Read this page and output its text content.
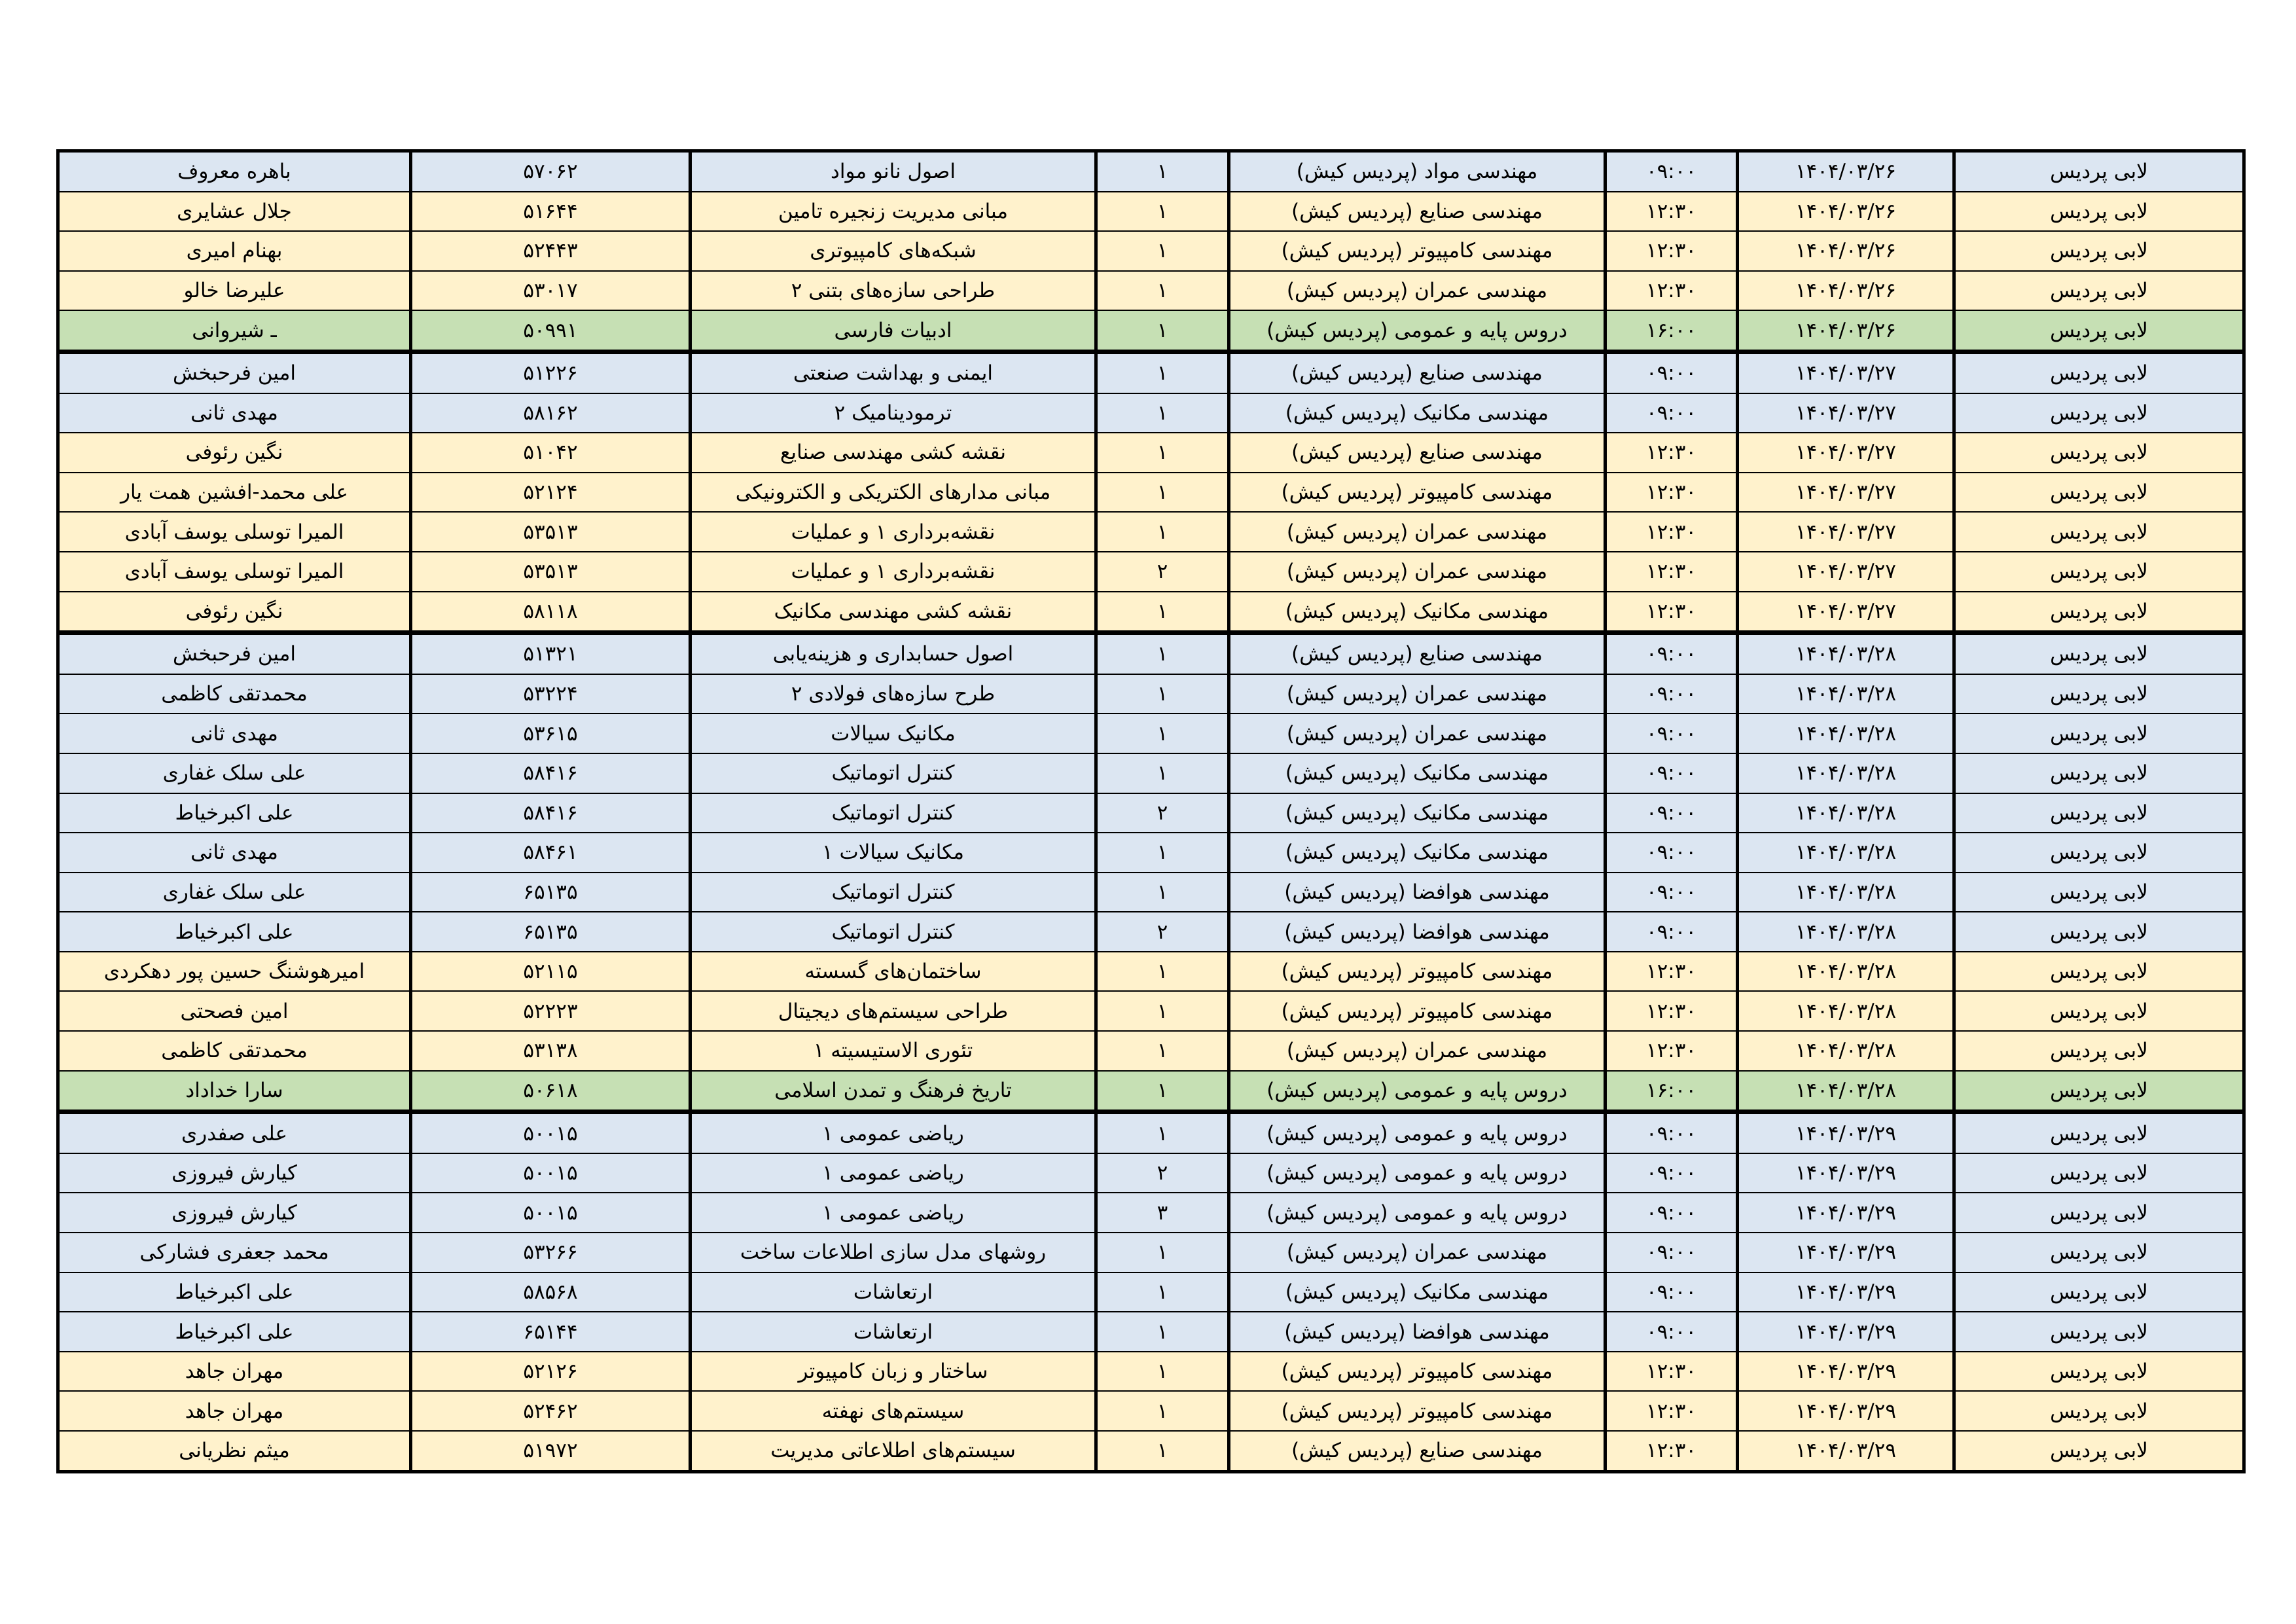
لابی پردیس	۱۴۰۴/۰۳/۲۶	۰۹:۰۰	مهندسی مواد (پردیس کیش)	۱	اصول نانو مواد	۵۷۰۶۲	باهره معروف
لابی پردیس	۱۴۰۴/۰۳/۲۶	۱۲:۳۰	مهندسی صنایع (پردیس کیش)	۱	مبانی مدیریت زنجیره تامین	۵۱۶۴۴	جلال عشایری
لابی پردیس	۱۴۰۴/۰۳/۲۶	۱۲:۳۰	مهندسی کامپیوتر (پردیس کیش)	۱	شبکه‌های کامپیوتری	۵۲۴۴۳	بهنام امیری
لابی پردیس	۱۴۰۴/۰۳/۲۶	۱۲:۳۰	مهندسی عمران (پردیس کیش)	۱	طراحی سازه‌های بتنی ۲	۵۳۰۱۷	علیرضا خالو
لابی پردیس	۱۴۰۴/۰۳/۲۶	۱۶:۰۰	دروس پایه و عمومی (پردیس کیش)	۱	ادبیات فارسی	۵۰۹۹۱	ـ شیروانی
لابی پردیس	۱۴۰۴/۰۳/۲۷	۰۹:۰۰	مهندسی صنایع (پردیس کیش)	۱	ایمنی و بهداشت صنعتی	۵۱۲۲۶	امین فرحبخش
لابی پردیس	۱۴۰۴/۰۳/۲۷	۰۹:۰۰	مهندسی مکانیک (پردیس کیش)	۱	ترمودینامیک ۲	۵۸۱۶۲	مهدی ثانی
لابی پردیس	۱۴۰۴/۰۳/۲۷	۱۲:۳۰	مهندسی صنایع (پردیس کیش)	۱	نقشه کشی مهندسی صنایع	۵۱۰۴۲	نگین رئوفی
لابی پردیس	۱۴۰۴/۰۳/۲۷	۱۲:۳۰	مهندسی کامپیوتر (پردیس کیش)	۱	مبانی مدارهای الکتریکی و الکترونیکی	۵۲۱۲۴	علی محمد-افشین همت یار
لابی پردیس	۱۴۰۴/۰۳/۲۷	۱۲:۳۰	مهندسی عمران (پردیس کیش)	۱	نقشه‌برداری ۱ و عملیات	۵۳۵۱۳	المیرا توسلی یوسف آبادی
لابی پردیس	۱۴۰۴/۰۳/۲۷	۱۲:۳۰	مهندسی عمران (پردیس کیش)	۲	نقشه‌برداری ۱ و عملیات	۵۳۵۱۳	المیرا توسلی یوسف آبادی
لابی پردیس	۱۴۰۴/۰۳/۲۷	۱۲:۳۰	مهندسی مکانیک (پردیس کیش)	۱	نقشه کشی مهندسی مکانیک	۵۸۱۱۸	نگین رئوفی
لابی پردیس	۱۴۰۴/۰۳/۲۸	۰۹:۰۰	مهندسی صنایع (پردیس کیش)	۱	اصول حسابداری و هزینه‌یابی	۵۱۳۲۱	امین فرحبخش
لابی پردیس	۱۴۰۴/۰۳/۲۸	۰۹:۰۰	مهندسی عمران (پردیس کیش)	۱	طرح سازه‌های فولادی ۲	۵۳۲۲۴	محمدتقی کاظمی
لابی پردیس	۱۴۰۴/۰۳/۲۸	۰۹:۰۰	مهندسی عمران (پردیس کیش)	۱	مکانیک سیالات	۵۳۶۱۵	مهدی ثانی
لابی پردیس	۱۴۰۴/۰۳/۲۸	۰۹:۰۰	مهندسی مکانیک (پردیس کیش)	۱	کنترل اتوماتیک	۵۸۴۱۶	علی سلک غفاری
لابی پردیس	۱۴۰۴/۰۳/۲۸	۰۹:۰۰	مهندسی مکانیک (پردیس کیش)	۲	کنترل اتوماتیک	۵۸۴۱۶	علی اکبرخیاط
لابی پردیس	۱۴۰۴/۰۳/۲۸	۰۹:۰۰	مهندسی مکانیک (پردیس کیش)	۱	مکانیک سیالات ۱	۵۸۴۶۱	مهدی ثانی
لابی پردیس	۱۴۰۴/۰۳/۲۸	۰۹:۰۰	مهندسی هوافضا (پردیس کیش)	۱	کنترل اتوماتیک	۶۵۱۳۵	علی سلک غفاری
لابی پردیس	۱۴۰۴/۰۳/۲۸	۰۹:۰۰	مهندسی هوافضا (پردیس کیش)	۲	کنترل اتوماتیک	۶۵۱۳۵	علی اکبرخیاط
لابی پردیس	۱۴۰۴/۰۳/۲۸	۱۲:۳۰	مهندسی کامپیوتر (پردیس کیش)	۱	ساختمان‌های گسسته	۵۲۱۱۵	امیرهوشنگ حسین پور دهکردی
لابی پردیس	۱۴۰۴/۰۳/۲۸	۱۲:۳۰	مهندسی کامپیوتر (پردیس کیش)	۱	طراحی سیستم‌های دیجیتال	۵۲۲۲۳	امین فصحتی
لابی پردیس	۱۴۰۴/۰۳/۲۸	۱۲:۳۰	مهندسی عمران (پردیس کیش)	۱	تئوری الاستیسیته ۱	۵۳۱۳۸	محمدتقی کاظمی
لابی پردیس	۱۴۰۴/۰۳/۲۸	۱۶:۰۰	دروس پایه و عمومی (پردیس کیش)	۱	تاریخ فرهنگ و تمدن اسلامی	۵۰۶۱۸	سارا خداداد
لابی پردیس	۱۴۰۴/۰۳/۲۹	۰۹:۰۰	دروس پایه و عمومی (پردیس کیش)	۱	ریاضی عمومی ۱	۵۰۰۱۵	علی صفدری
لابی پردیس	۱۴۰۴/۰۳/۲۹	۰۹:۰۰	دروس پایه و عمومی (پردیس کیش)	۲	ریاضی عمومی ۱	۵۰۰۱۵	کیارش فیروزی
لابی پردیس	۱۴۰۴/۰۳/۲۹	۰۹:۰۰	دروس پایه و عمومی (پردیس کیش)	۳	ریاضی عمومی ۱	۵۰۰۱۵	کیارش فیروزی
لابی پردیس	۱۴۰۴/۰۳/۲۹	۰۹:۰۰	مهندسی عمران (پردیس کیش)	۱	روشهای مدل سازی اطلاعات ساخت	۵۳۲۶۶	محمد جعفری فشارکی
لابی پردیس	۱۴۰۴/۰۳/۲۹	۰۹:۰۰	مهندسی مکانیک (پردیس کیش)	۱	ارتعاشات	۵۸۵۶۸	علی اکبرخیاط
لابی پردیس	۱۴۰۴/۰۳/۲۹	۰۹:۰۰	مهندسی هوافضا (پردیس کیش)	۱	ارتعاشات	۶۵۱۴۴	علی اکبرخیاط
لابی پردیس	۱۴۰۴/۰۳/۲۹	۱۲:۳۰	مهندسی کامپیوتر (پردیس کیش)	۱	ساختار و زبان کامپیوتر	۵۲۱۲۶	مهران جاهد
لابی پردیس	۱۴۰۴/۰۳/۲۹	۱۲:۳۰	مهندسی کامپیوتر (پردیس کیش)	۱	سیستم‌های نهفته	۵۲۴۶۲	مهران جاهد
لابی پردیس	۱۴۰۴/۰۳/۲۹	۱۲:۳۰	مهندسی صنایع (پردیس کیش)	۱	سیستم‌های اطلاعاتی مدیریت	۵۱۹۷۲	میثم نظریانی
